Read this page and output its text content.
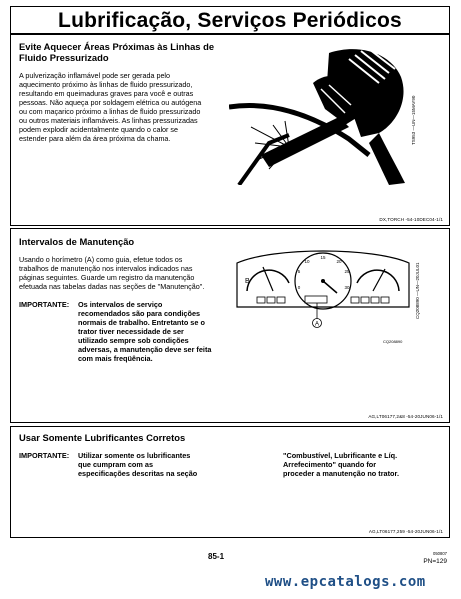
Lubrificação, Serviços Periódicos
Evite Aquecer Áreas Próximas às Linhas de
Fluido Pressurizado
A pulverização inflamável pode ser gerada pelo
aquecimento próximo às linhas de fluido pressurizado,
resultando em queimaduras graves para você e outras
pessoas. Não aqueça por soldagem elétrica ou autógena
ou com maçarico próximo a linhas de fluido pressurizado
ou outros materiais inflamáveis. As linhas pressurizadas
podem explodir acidentalmente quando o calor se
estender para além da área próxima da chama.	TS953 —UN—15MAY90
DX,TORCH -54-10DEC04-1/1
Intervalos de Manutenção
Usando o horímetro (A) como guia, efetue todos os
trabalhos de manutenção nos intervalos indicados nas
páginas seguintes. Guarde um registro da manutenção
efetuada nas tabelas dadas nas seções de "Manutenção".
IMPORTANTE: Os intervalos de serviço
recomendados são para condições
normais de trabalho. Entretanto se o
trator tiver necessidade de ser
utilizado sempre sob condições
adversas, a manutenção deve ser feita
com mais freqüência.
B
15
10	20
5	25
0	30
A
CQ208890
CQ208890 —UN—20JUL01
AG,LT06177,2&8 -54-20JUN06-1/1
Usar Somente Lubrificantes Corretos
IMPORTANTE: Utilizar somente os lubrificantes
que cumpram com as
especificações descritas na seção
"Combustível, Lubrificante e Líq.
Arrefecimento" quando for
proceder a manutenção no trator.
AG,LT06177,259 -54-20JUN06-1/1
85-1	050807
PN=129
www.epcatalogs.com
